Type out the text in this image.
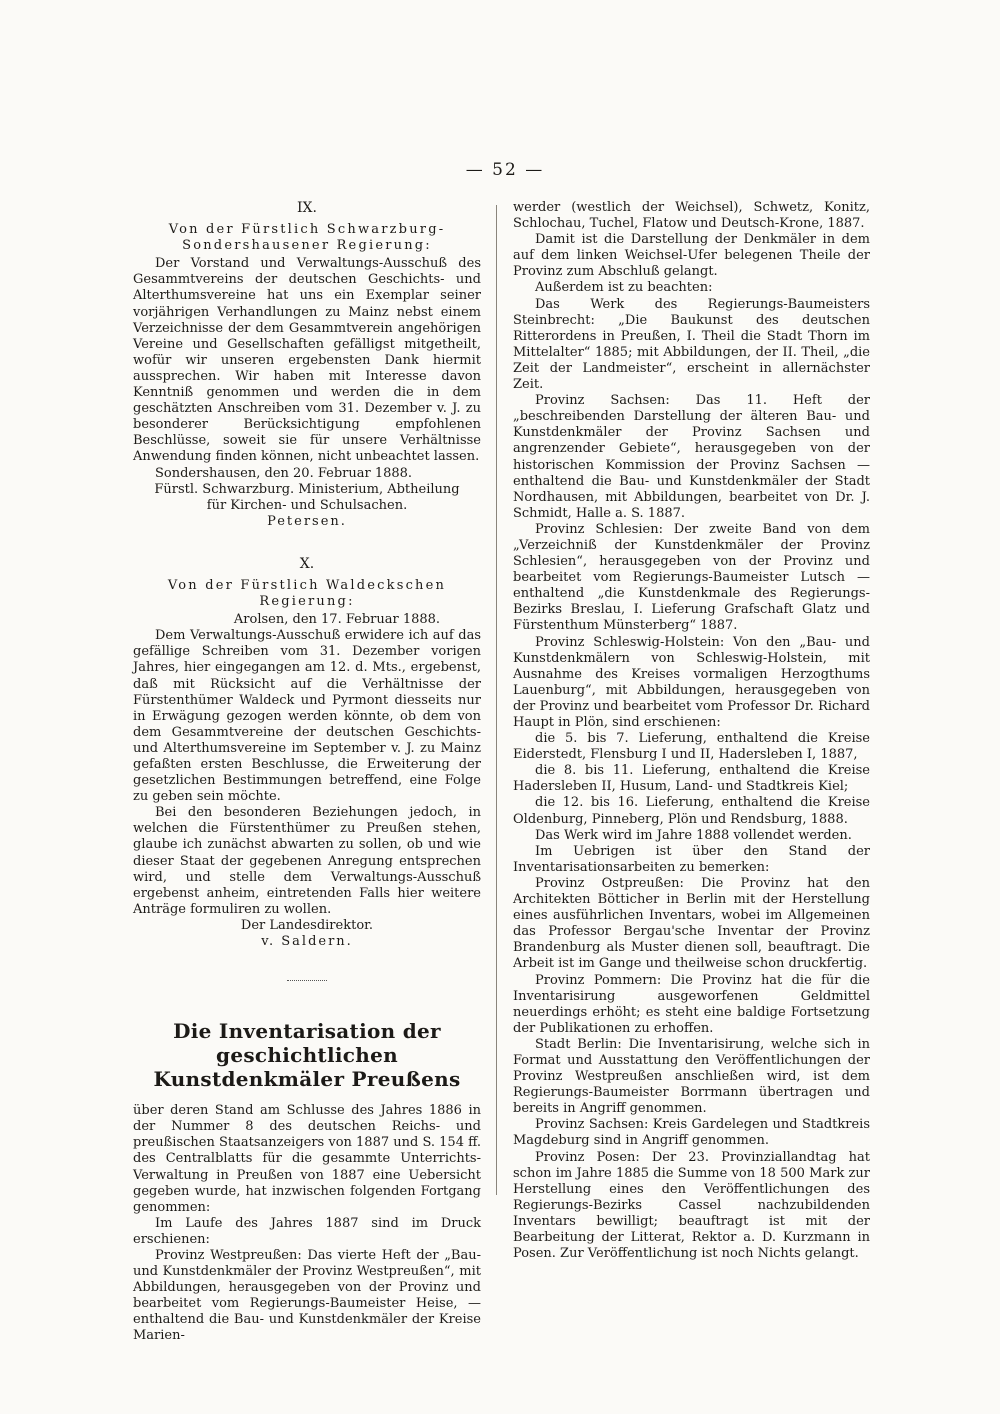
— 52 —

IX.

Von der Fürstlich Schwarzburg-Sondershausener Regierung:

Der Vorstand und Verwaltungs-Ausschuß des Gesammtvereins der deutschen Geschichts- und Alterthumsvereine hat uns ein Exemplar seiner vorjährigen Verhandlungen zu Mainz nebst einem Verzeichnisse der dem Gesammtverein angehörigen Vereine und Gesellschaften gefälligst mitgetheilt, wofür wir unseren ergebensten Dank hiermit aussprechen. Wir haben mit Interesse davon Kenntniß genommen und werden die in dem geschätzten Anschreiben vom 31. Dezember v. J. zu besonderer Berücksichtigung empfohlenen Beschlüsse, soweit sie für unsere Verhältnisse Anwendung finden können, nicht unbeachtet lassen.

Sondershausen, den 20. Februar 1888.

Fürstl. Schwarzburg. Ministerium, Abtheilung für Kirchen- und Schulsachen.

Petersen.

X.

Von der Fürstlich Waldeckschen Regierung:

Arolsen, den 17. Februar 1888.

Dem Verwaltungs-Ausschuß erwidere ich auf das gefällige Schreiben vom 31. Dezember vorigen Jahres, hier eingegangen am 12. d. Mts., ergebenst, daß mit Rücksicht auf die Verhältnisse der Fürstenthümer Waldeck und Pyrmont diesseits nur in Erwägung gezogen werden könnte, ob dem von dem Gesammtvereine der deutschen Geschichts- und Alterthumsvereine im September v. J. zu Mainz gefaßten ersten Beschlusse, die Erweiterung der gesetzlichen Bestimmungen betreffend, eine Folge zu geben sein möchte.

Bei den besonderen Beziehungen jedoch, in welchen die Fürstenthümer zu Preußen stehen, glaube ich zunächst abwarten zu sollen, ob und wie dieser Staat der gegebenen Anregung entsprechen wird, und stelle dem Verwaltungs-Ausschuß ergebenst anheim, eintretenden Falls hier weitere Anträge formuliren zu wollen.

Der Landesdirektor.

v. Saldern.

Die Inventarisation der geschichtlichen Kunstdenkmäler Preußens

über deren Stand am Schlusse des Jahres 1886 in der Nummer 8 des deutschen Reichs- und preußischen Staatsanzeigers von 1887 und S. 154 ff. des Centralblatts für die gesammte Unterrichts-Verwaltung in Preußen von 1887 eine Uebersicht gegeben wurde, hat inzwischen folgenden Fortgang genommen:

Im Laufe des Jahres 1887 sind im Druck erschienen:

Provinz Westpreußen: Das vierte Heft der „Bau- und Kunstdenkmäler der Provinz Westpreußen“, mit Abbildungen, herausgegeben von der Provinz und bearbeitet vom Regierungs-Baumeister Heise, — enthaltend die Bau- und Kunstdenkmäler der Kreise Marien-

werder (westlich der Weichsel), Schwetz, Konitz, Schlochau, Tuchel, Flatow und Deutsch-Krone, 1887.

Damit ist die Darstellung der Denkmäler in dem auf dem linken Weichsel-Ufer belegenen Theile der Provinz zum Abschluß gelangt.

Außerdem ist zu beachten:

Das Werk des Regierungs-Baumeisters Steinbrecht: „Die Baukunst des deutschen Ritterordens in Preußen, I. Theil die Stadt Thorn im Mittelalter“ 1885; mit Abbildungen, der II. Theil, „die Zeit der Landmeister“, erscheint in allernächster Zeit.

Provinz Sachsen: Das 11. Heft der „beschreibenden Darstellung der älteren Bau- und Kunstdenkmäler der Provinz Sachsen und angrenzender Gebiete“, herausgegeben von der historischen Kommission der Provinz Sachsen — enthaltend die Bau- und Kunstdenkmäler der Stadt Nordhausen, mit Abbildungen, bearbeitet von Dr. J. Schmidt, Halle a. S. 1887.

Provinz Schlesien: Der zweite Band von dem „Verzeichniß der Kunstdenkmäler der Provinz Schlesien“, herausgegeben von der Provinz und bearbeitet vom Regierungs-Baumeister Lutsch — enthaltend „die Kunstdenkmale des Regierungs-Bezirks Breslau, I. Lieferung Grafschaft Glatz und Fürstenthum Münsterberg“ 1887.

Provinz Schleswig-Holstein: Von den „Bau- und Kunstdenkmälern von Schleswig-Holstein, mit Ausnahme des Kreises vormaligen Herzogthums Lauenburg“, mit Abbildungen, herausgegeben von der Provinz und bearbeitet vom Professor Dr. Richard Haupt in Plön, sind erschienen:

die 5. bis 7. Lieferung, enthaltend die Kreise Eiderstedt, Flensburg I und II, Hadersleben I, 1887,

die 8. bis 11. Lieferung, enthaltend die Kreise Hadersleben II, Husum, Land- und Stadtkreis Kiel;

die 12. bis 16. Lieferung, enthaltend die Kreise Oldenburg, Pinneberg, Plön und Rendsburg, 1888.

Das Werk wird im Jahre 1888 vollendet werden.

Im Uebrigen ist über den Stand der Inventarisationsarbeiten zu bemerken:

Provinz Ostpreußen: Die Provinz hat den Architekten Bötticher in Berlin mit der Herstellung eines ausführlichen Inventars, wobei im Allgemeinen das Professor Bergau'sche Inventar der Provinz Brandenburg als Muster dienen soll, beauftragt. Die Arbeit ist im Gange und theilweise schon druckfertig.

Provinz Pommern: Die Provinz hat die für die Inventarisirung ausgeworfenen Geldmittel neuerdings erhöht; es steht eine baldige Fortsetzung der Publikationen zu erhoffen.

Stadt Berlin: Die Inventarisirung, welche sich in Format und Ausstattung den Veröffentlichungen der Provinz Westpreußen anschließen wird, ist dem Regierungs-Baumeister Borrmann übertragen und bereits in Angriff genommen.

Provinz Sachsen: Kreis Gardelegen und Stadtkreis Magdeburg sind in Angriff genommen.

Provinz Posen: Der 23. Provinziallandtag hat schon im Jahre 1885 die Summe von 18 500 Mark zur Herstellung eines den Veröffentlichungen des Regierungs-Bezirks Cassel nachzubildenden Inventars bewilligt; beauftragt ist mit der Bearbeitung der Litterat, Rektor a. D. Kurzmann in Posen. Zur Veröffentlichung ist noch Nichts gelangt.
